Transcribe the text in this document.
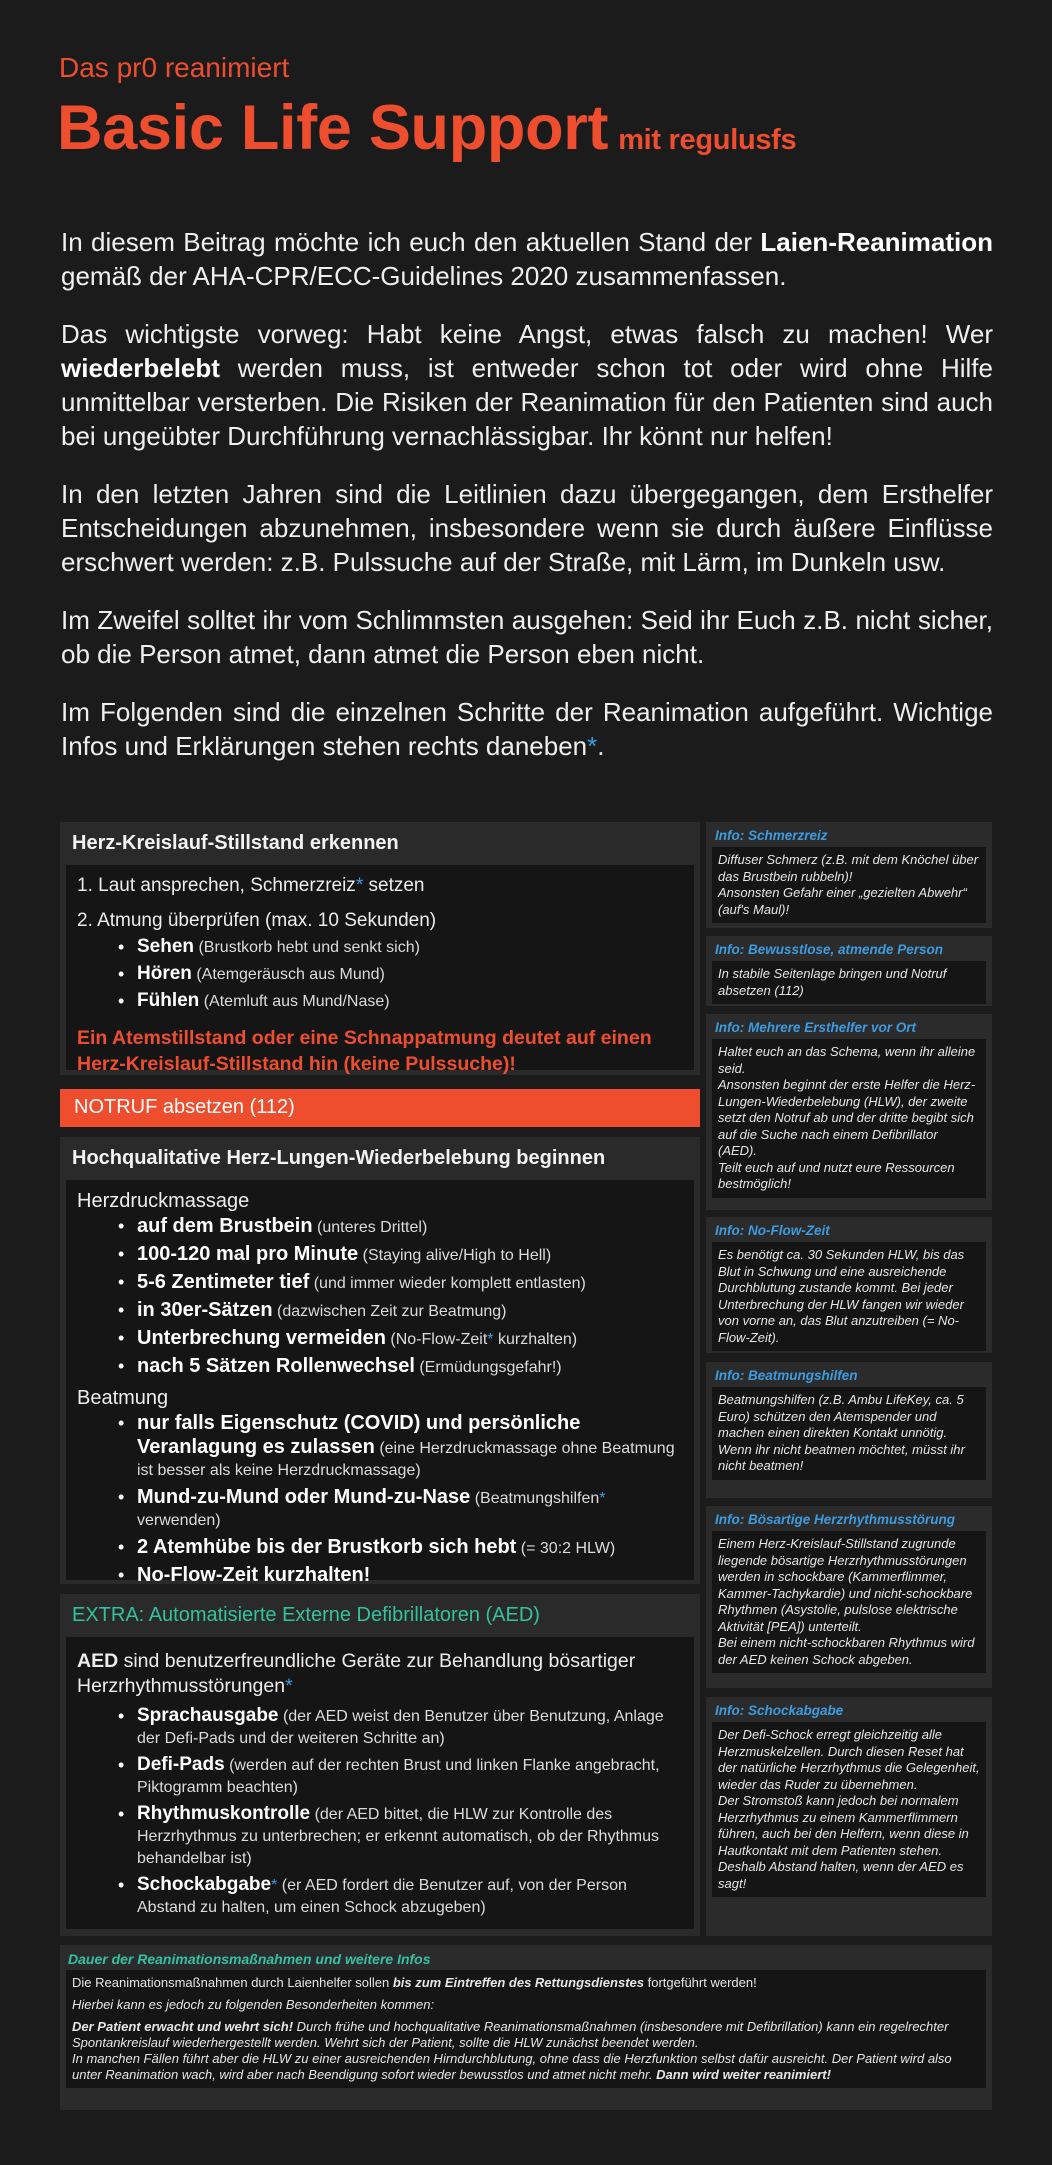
Das pr0 reanimiert
Basic Life Support mit regulusfs

In diesem Beitrag möchte ich euch den aktuellen Stand der Laien-Reanimation gemäß der AHA-CPR/ECC-Guidelines 2020 zusammenfassen.

Das wichtigste vorweg: Habt keine Angst, etwas falsch zu machen! Wer wiederbelebt werden muss, ist entweder schon tot oder wird ohne Hilfe unmittelbar versterben. Die Risiken der Reanimation für den Patienten sind auch bei ungeübter Durchführung vernachlässigbar. Ihr könnt nur helfen!

In den letzten Jahren sind die Leitlinien dazu übergegangen, dem Ersthelfer Entscheidungen abzunehmen, insbesondere wenn sie durch äußere Einflüsse erschwert werden: z.B. Pulssuche auf der Straße, mit Lärm, im Dunkeln usw.

Im Zweifel solltet ihr vom Schlimmsten ausgehen: Seid ihr Euch z.B. nicht sicher, ob die Person atmet, dann atmet die Person eben nicht.

Im Folgenden sind die einzelnen Schritte der Reanimation aufgeführt. Wichtige Infos und Erklärungen stehen rechts daneben*.

Herz-Kreislauf-Stillstand erkennen

1. Laut ansprechen, Schmerzreiz* setzen

2. Atmung überprüfen (max. 10 Sekunden)

• Sehen (Brustkorb hebt und senkt sich)
• Hören (Atemgeräusch aus Mund)
• Fühlen (Atemluft aus Mund/Nase)

Ein Atemstillstand oder eine Schnappatmung deutet auf einen Herz-Kreislauf-Stillstand hin (keine Pulssuche)!

NOTRUF absetzen (112)
Hochqualitative Herz-Lungen-Wiederbelebung beginnen

Herzdruckmassage

• auf dem Brustbein (unteres Drittel)
• 100-120 mal pro Minute (Staying alive/High to Hell)
• 5-6 Zentimeter tief (und immer wieder komplett entlasten)
• in 30er-Sätzen (dazwischen Zeit zur Beatmung)
• Unterbrechung vermeiden (No-Flow-Zeit* kurzhalten)
• nach 5 Sätzen Rollenwechsel (Ermüdungsgefahr!)

Beatmung

• nur falls Eigenschutz (COVID) und persönliche Veranlagung es zulassen (eine Herzdruckmassage ohne Beatmung ist besser als keine Herzdruckmassage)
• Mund-zu-Mund oder Mund-zu-Nase (Beatmungshilfen* verwenden)
• 2 Atemhübe bis der Brustkorb sich hebt (= 30:2 HLW)
• No-Flow-Zeit kurzhalten!
EXTRA: Automatisierte Externe Defibrillatoren (AED)

AED sind benutzerfreundliche Geräte zur Behandlung bösartiger Herzrhythmusstörungen*

• Sprachausgabe (der AED weist den Benutzer über Benutzung, Anlage der Defi-Pads und der weiteren Schritte an)
• Defi-Pads (werden auf der rechten Brust und linken Flanke angebracht, Piktogramm beachten)
• Rhythmuskontrolle (der AED bittet, die HLW zur Kontrolle des Herzrhythmus zu unterbrechen; er erkennt automatisch, ob der Rhythmus behandelbar ist)
• Schockabgabe* (er AED fordert die Benutzer auf, von der Person Abstand zu halten, um einen Schock abzugeben)
Info: Schmerzreiz
Diffuser Schmerz (z.B. mit dem Knöchel über das Brustbein rubbeln)!
Ansonsten Gefahr einer „gezielten Abwehr“ (auf's Maul)!
Info: Bewusstlose, atmende Person
In stabile Seitenlage bringen und Notruf absetzen (112)
Info: Mehrere Ersthelfer vor Ort
Haltet euch an das Schema, wenn ihr alleine seid.
Ansonsten beginnt der erste Helfer die Herz-Lungen-Wiederbelebung (HLW), der zweite setzt den Notruf ab und der dritte begibt sich auf die Suche nach einem Defibrillator (AED).
Teilt euch auf und nutzt eure Ressourcen bestmöglich!
Info: No-Flow-Zeit
Es benötigt ca. 30 Sekunden HLW, bis das Blut in Schwung und eine ausreichende Durchblutung zustande kommt. Bei jeder Unterbrechung der HLW fangen wir wieder von vorne an, das Blut anzutreiben (= No-Flow-Zeit).
Info: Beatmungshilfen
Beatmungshilfen (z.B. Ambu LifeKey, ca. 5 Euro) schützen den Atemspender und machen einen direkten Kontakt unnötig.
Wenn ihr nicht beatmen möchtet, müsst ihr nicht beatmen!
Info: Bösartige Herzrhythmusstörung
Einem Herz-Kreislauf-Stillstand zugrunde liegende bösartige Herzrhythmusstörungen werden in schockbare (Kammerflimmer, Kammer-Tachykardie) und nicht-schockbare Rhythmen (Asystolie, pulslose elektrische Aktivität [PEA]) unterteilt.
Bei einem nicht-schockbaren Rhythmus wird der AED keinen Schock abgeben.
Info: Schockabgabe
Der Defi-Schock erregt gleichzeitig alle Herzmuskelzellen. Durch diesen Reset hat der natürliche Herzrhythmus die Gelegenheit, wieder das Ruder zu übernehmen.
Der Stromstoß kann jedoch bei normalem Herzrhythmus zu einem Kammerflimmern führen, auch bei den Helfern, wenn diese in Hautkontakt mit dem Patienten stehen. Deshalb Abstand halten, wenn der AED es sagt!
Dauer der Reanimationsmaßnahmen und weitere Infos

Die Reanimationsmaßnahmen durch Laienhelfer sollen bis zum Eintreffen des Rettungsdienstes fortgeführt werden!

Hierbei kann es jedoch zu folgenden Besonderheiten kommen:

Der Patient erwacht und wehrt sich! Durch frühe und hochqualitative Reanimationsmaßnahmen (insbesondere mit Defibrillation) kann ein regelrechter Spontankreislauf wiederhergestellt werden. Wehrt sich der Patient, sollte die HLW zunächst beendet werden.
In manchen Fällen führt aber die HLW zu einer ausreichenden Hirndurchblutung, ohne dass die Herzfunktion selbst dafür ausreicht. Der Patient wird also unter Reanimation wach, wird aber nach Beendigung sofort wieder bewusstlos und atmet nicht mehr. Dann wird weiter reanimiert!
